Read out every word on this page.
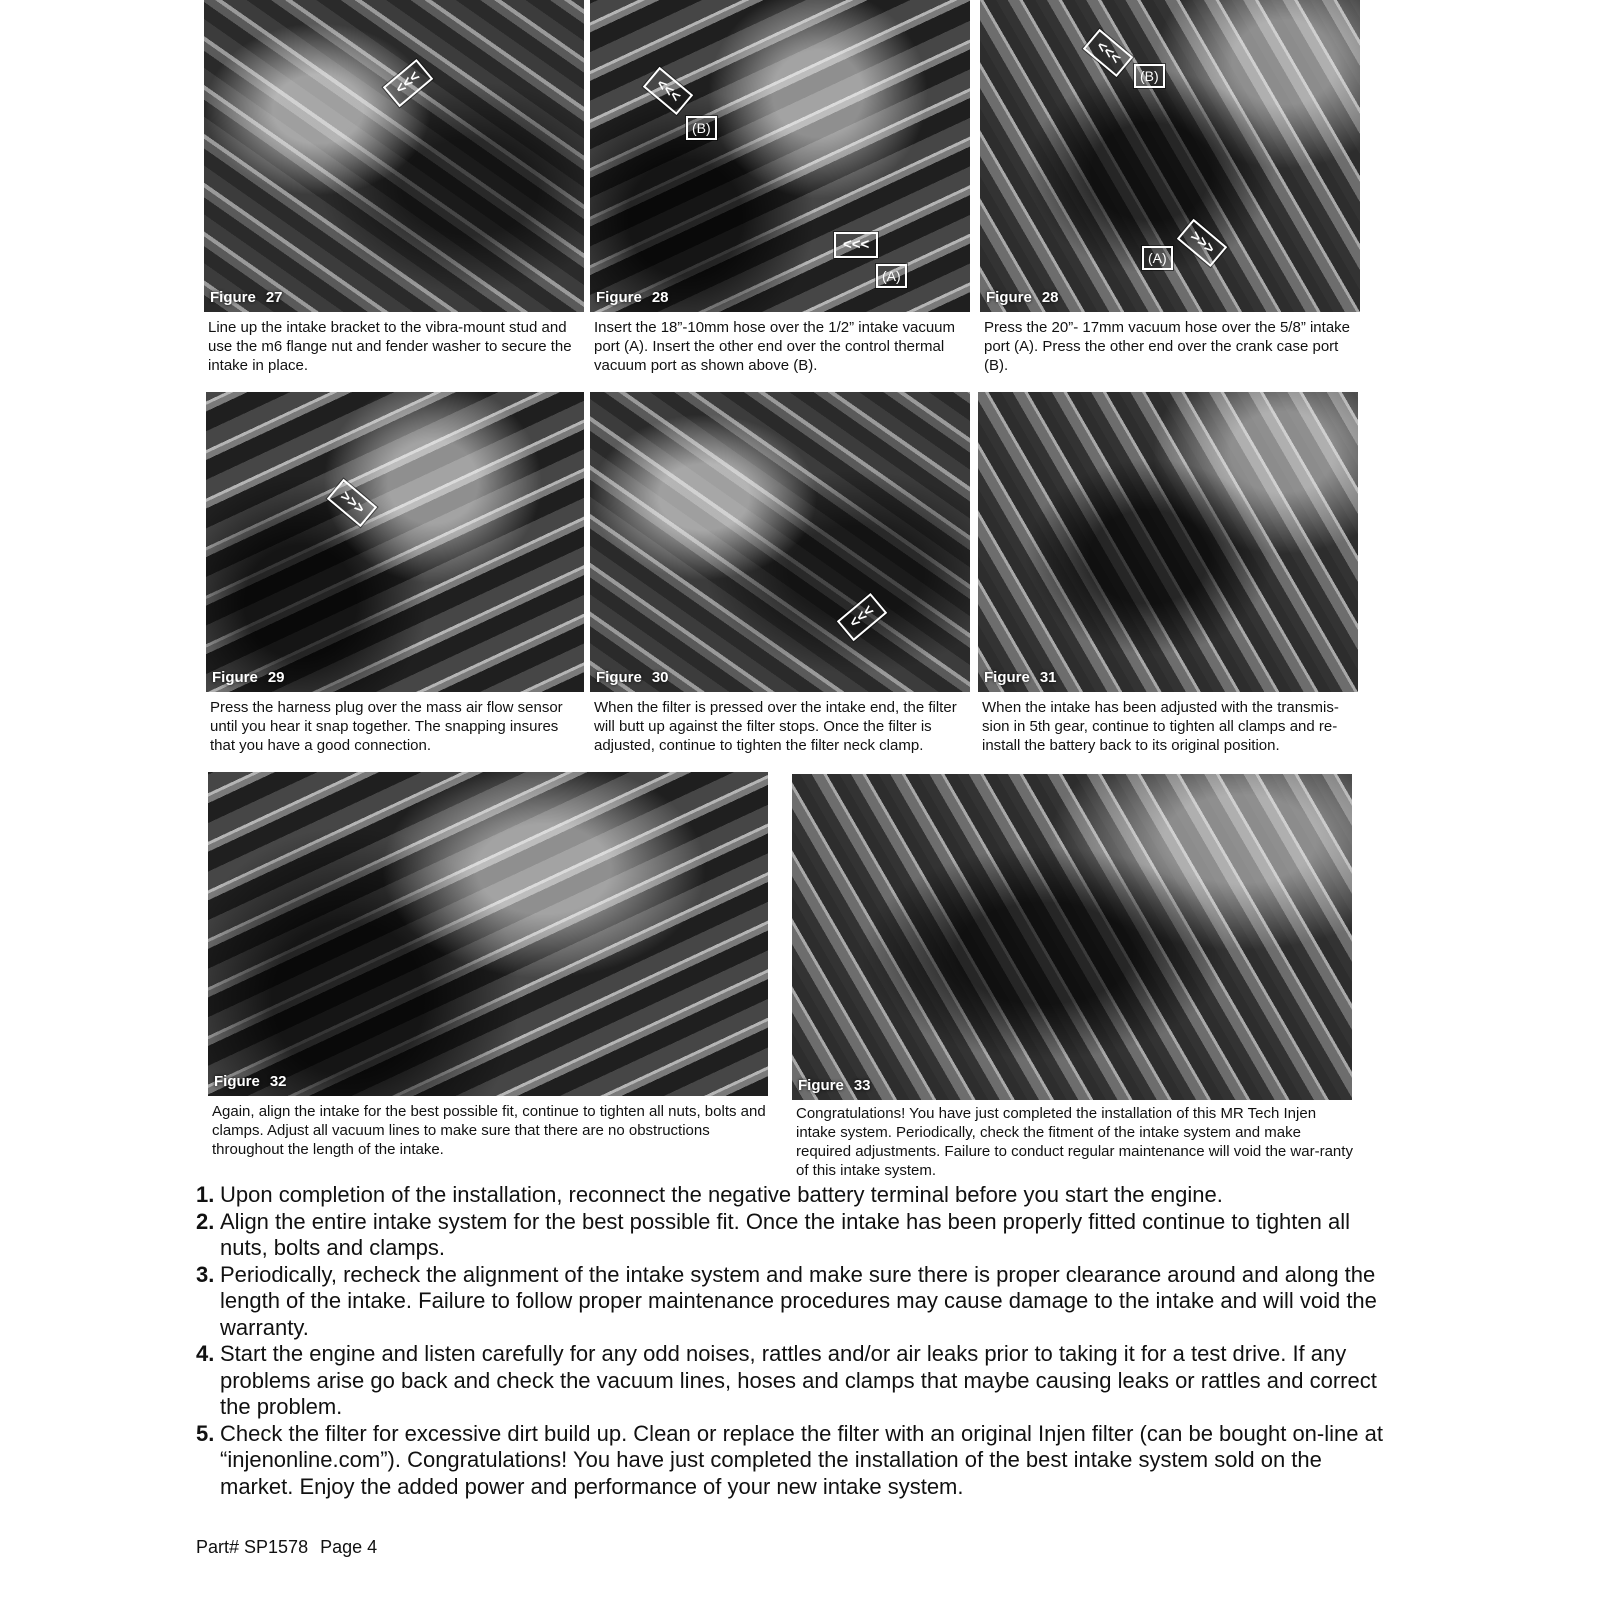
<<<
Figure 27

Line up the intake bracket to the vibra-mount stud and use the m6 flange nut and fender washer to secure the intake in place.

<<<
(B)
<<<
(A)
Figure 28

Insert the 18”-10mm hose over the 1/2” intake vacuum port (A). Insert the other end over the control thermal vacuum port as shown above (B).

<<<
(B)
>>>
(A)
Figure 28

Press the 20”- 17mm vacuum hose over the 5/8” intake port (A). Press the other end over the crank case port (B).

>>>
Figure 29

Press the harness plug over the mass air flow sensor until you hear it snap together. The snapping insures that you have a good connection.

<<<
Figure 30

When the filter is pressed over the intake end, the filter will butt up against the filter stops. Once the filter is adjusted, continue to tighten the filter neck clamp.

Figure 31

When the intake has been adjusted with the transmis-sion in 5th gear, continue to tighten all clamps and re-install the battery back to its original position.

Figure 32

Again, align the intake for the best possible fit, continue to tighten all nuts, bolts and clamps. Adjust all vacuum lines to make sure that there are no obstructions throughout the length of the intake.

Figure 33

Congratulations! You have just completed the installation of this MR Tech Injen intake system. Periodically, check the fitment of the intake system and make required adjustments. Failure to conduct regular maintenance will void the war-ranty of this intake system.

1. Upon completion of the installation, reconnect the negative battery terminal before you start the engine.
2. Align the entire intake system for the best possible fit. Once the intake has been properly fitted continue to tighten all nuts, bolts and clamps.
3. Periodically, recheck the alignment of the intake system and make sure there is proper clearance around and along the length of the intake. Failure to follow proper maintenance procedures may cause damage to the intake and will void the warranty.
4. Start the engine and listen carefully for any odd noises, rattles and/or air leaks prior to taking it for a test drive. If any problems arise go back and check the vacuum lines, hoses and clamps that maybe causing leaks or rattles and correct the problem.
5. Check the filter for excessive dirt build up. Clean or replace the filter with an original Injen filter (can be bought on-line at “injenonline.com”). Congratulations! You have just completed the installation of the best intake system sold on the market. Enjoy the added power and performance of your new intake system.
Part# SP1578 Page 4
